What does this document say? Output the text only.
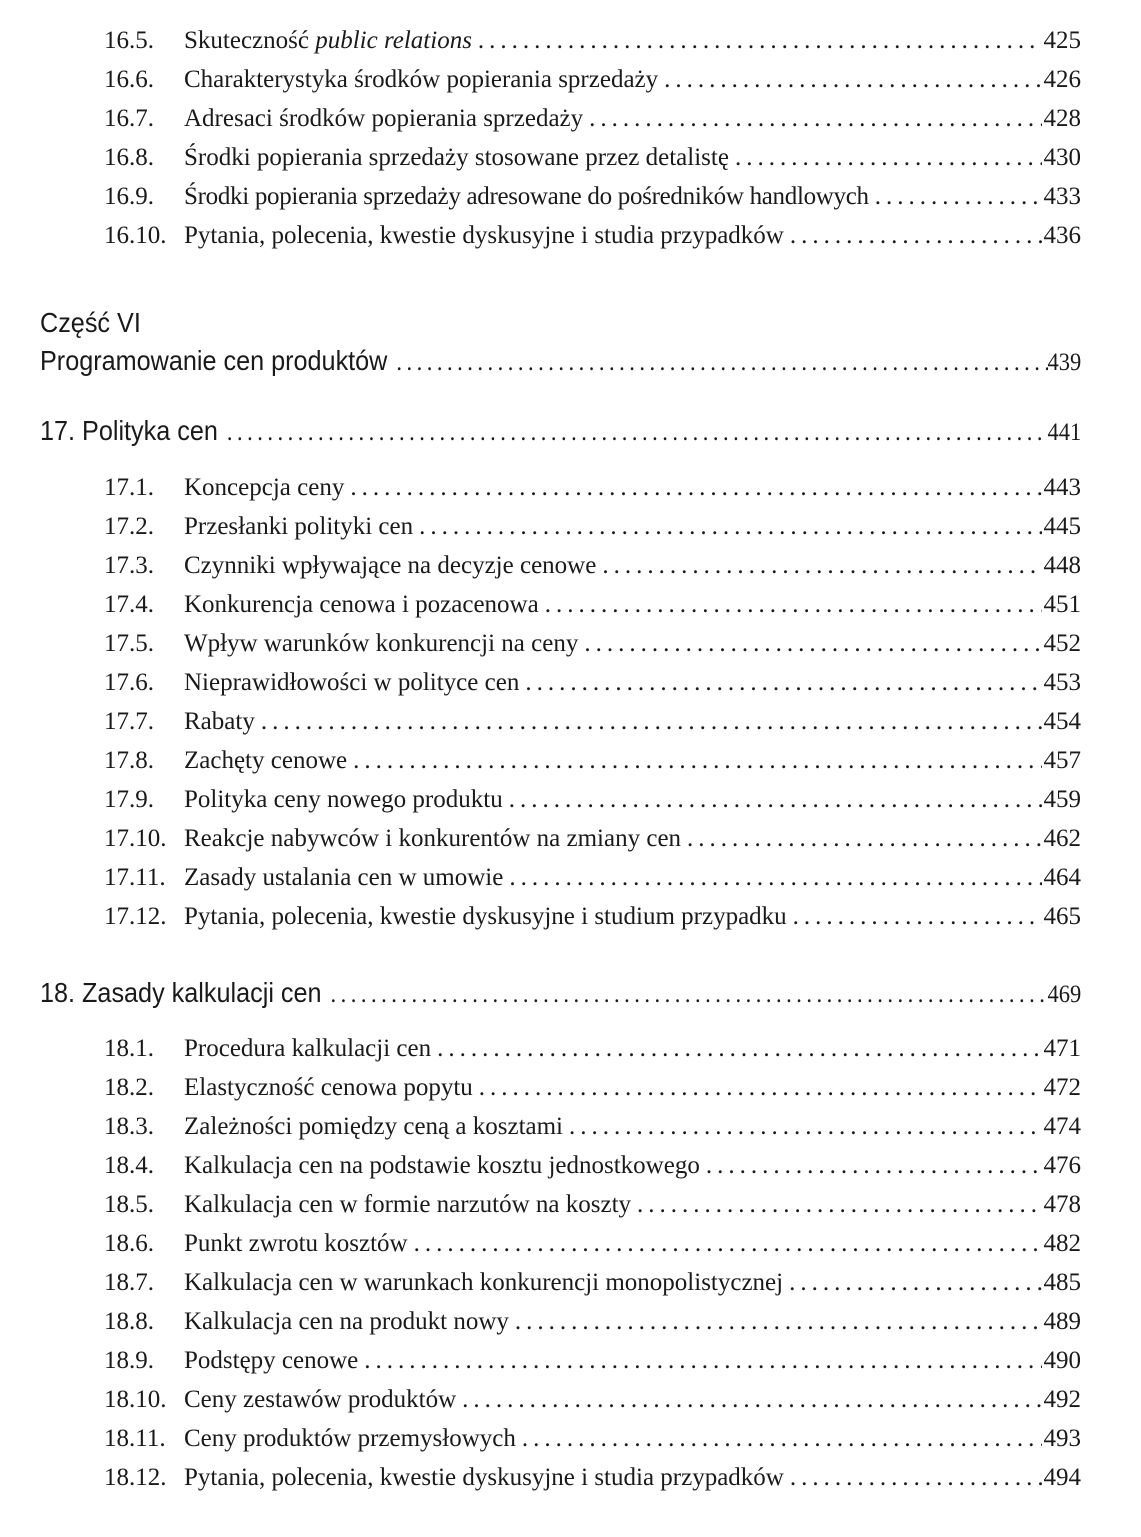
16.5.	Skuteczność public relations .....	425
16.6.	Charakterystyka środków popierania sprzedaży .....	426
16.7.	Adresaci środków popierania sprzedaży .....	428
16.8.	Środki popierania sprzedaży stosowane przez detalistę .....	430
16.9.	Środki popierania sprzedaży adresowane do pośredników handlowych .....	433
16.10. Pytania, polecenia, kwestie dyskusyjne i studia przypadków .....	436
Część VI
Programowanie cen produktów .....	439
17. Polityka cen .....	441
17.1.	Koncepcja ceny .....	443
17.2.	Przesłanki polityki cen .....	445
17.3.	Czynniki wpływające na decyzje cenowe .....	448
17.4.	Konkurencja cenowa i pozacenowa .....	451
17.5.	Wpływ warunków konkurencji na ceny .....	452
17.6.	Nieprawidłowości w polityce cen .....	453
17.7.	Rabaty .....	454
17.8.	Zachęty cenowe .....	457
17.9.	Polityka ceny nowego produktu .....	459
17.10. Reakcje nabywców i konkurentów na zmiany cen .....	462
17.11. Zasady ustalania cen w umowie .....	464
17.12. Pytania, polecenia, kwestie dyskusyjne i studium przypadku .....	465
18. Zasady kalkulacji cen .....	469
18.1.	Procedura kalkulacji cen .....	471
18.2.	Elastyczność cenowa popytu .....	472
18.3.	Zależności pomiędzy ceną a kosztami .....	474
18.4.	Kalkulacja cen na podstawie kosztu jednostkowego .....	476
18.5.	Kalkulacja cen w formie narzutów na koszty .....	478
18.6.	Punkt zwrotu kosztów .....	482
18.7.	Kalkulacja cen w warunkach konkurencji monopolistycznej .....	485
18.8.	Kalkulacja cen na produkt nowy .....	489
18.9.	Podstępy cenowe .....	490
18.10. Ceny zestawów produktów .....	492
18.11. Ceny produktów przemysłowych .....	493
18.12. Pytania, polecenia, kwestie dyskusyjne i studia przypadków .....	494
